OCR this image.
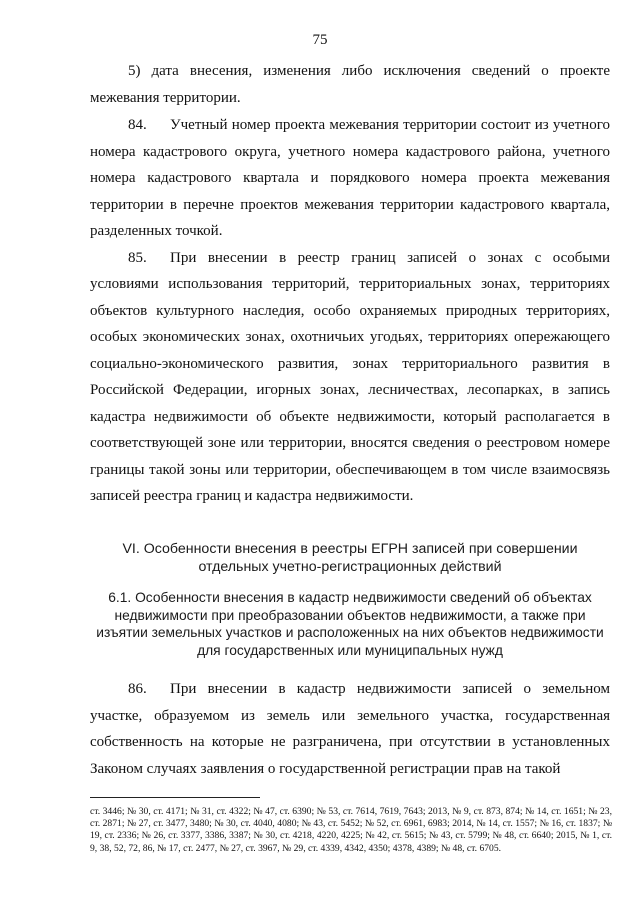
75

5) дата внесения, изменения либо исключения сведений о проекте межевания территории.

84. Учетный номер проекта межевания территории состоит из учетного номера кадастрового округа, учетного номера кадастрового района, учетного номера кадастрового квартала и порядкового номера проекта межевания территории в перечне проектов межевания территории кадастрового квартала, разделенных точкой.

85. При внесении в реестр границ записей о зонах с особыми условиями использования территорий, территориальных зонах, территориях объектов культурного наследия, особо охраняемых природных территориях, особых экономических зонах, охотничьих угодьях, территориях опережающего социально-экономического развития, зонах территориального развития в Российской Федерации, игорных зонах, лесничествах, лесопарках, в запись кадастра недвижимости об объекте недвижимости, который располагается в соответствующей зоне или территории, вносятся сведения о реестровом номере границы такой зоны или территории, обеспечивающем в том числе взаимосвязь записей реестра границ и кадастра недвижимости.

VI. Особенности внесения в реестры ЕГРН записей при совершении отдельных учетно-регистрационных действий
6.1. Особенности внесения в кадастр недвижимости сведений об объектах недвижимости при преобразовании объектов недвижимости, а также при изъятии земельных участков и расположенных на них объектов недвижимости для государственных или муниципальных нужд

86. При внесении в кадастр недвижимости записей о земельном участке, образуемом из земель или земельного участка, государственная собственность на которые не разграничена, при отсутствии в установленных Законом случаях заявления о государственной регистрации прав на такой

ст. 3446; № 30, ст. 4171; № 31, ст. 4322; № 47, ст. 6390; № 53, ст. 7614, 7619, 7643; 2013, № 9, ст. 873, 874; № 14, ст. 1651; № 23, ст. 2871; № 27, ст. 3477, 3480; № 30, ст. 4040, 4080; № 43, ст. 5452; № 52, ст. 6961, 6983; 2014, № 14, ст. 1557; № 16, ст. 1837; № 19, ст. 2336; № 26, ст. 3377, 3386, 3387; № 30, ст. 4218, 4220, 4225; № 42, ст. 5615; № 43, ст. 5799; № 48, ст. 6640; 2015, № 1, ст. 9, 38, 52, 72, 86, № 17, ст. 2477, № 27, ст. 3967, № 29, ст. 4339, 4342, 4350; 4378, 4389; № 48, ст. 6705.
